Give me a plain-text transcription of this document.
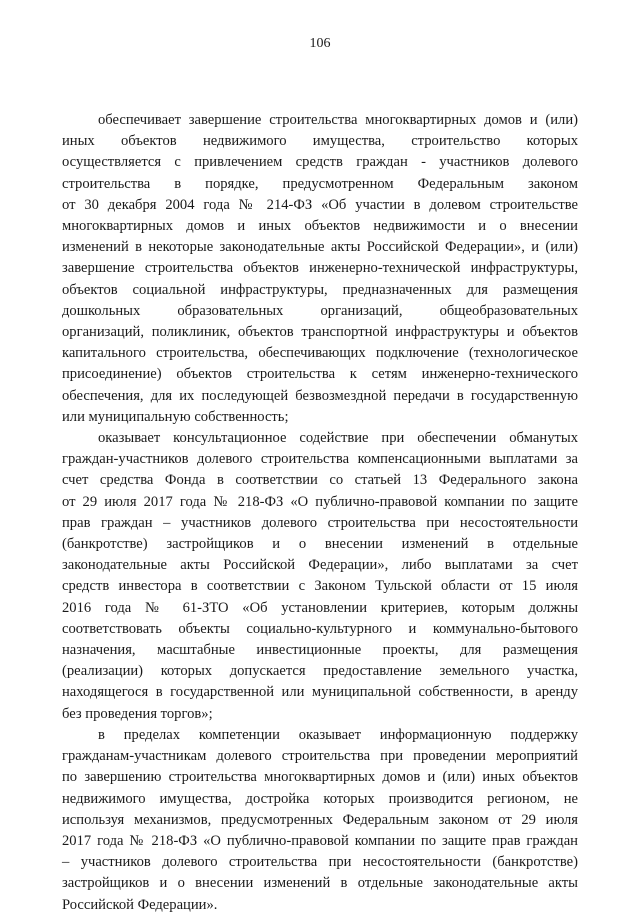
106
обеспечивает завершение строительства многоквартирных домов и (или)
иных объектов недвижимого имущества, строительство которых
осуществляется с привлечением средств граждан - участников долевого
строительства в порядке, предусмотренном Федеральным законом
от 30 декабря 2004 года № 214-ФЗ «Об участии в долевом строительстве
многоквартирных домов и иных объектов недвижимости и о внесении
изменений в некоторые законодательные акты Российской Федерации», и (или)
завершение строительства объектов инженерно-технической инфраструктуры,
объектов социальной инфраструктуры, предназначенных для размещения
дошкольных образовательных организаций, общеобразовательных
организаций, поликлиник, объектов транспортной инфраструктуры и объектов
капитального строительства, обеспечивающих подключение (технологическое
присоединение) объектов строительства к сетям инженерно-технического
обеспечения, для их последующей безвозмездной передачи в государственную
или муниципальную собственность;
оказывает консультационное содействие при обеспечении обманутых
граждан-участников долевого строительства компенсационными выплатами за
счет средства Фонда в соответствии со статьей 13 Федерального закона
от 29 июля 2017 года № 218-ФЗ «О публично-правовой компании по защите
прав граждан – участников долевого строительства при несостоятельности
(банкротстве) застройщиков и о внесении изменений в отдельные
законодательные акты Российской Федерации», либо выплатами за счет
средств инвестора в соответствии с Законом Тульской области от 15 июля
2016 года № 61-ЗТО «Об установлении критериев, которым должны
соответствовать объекты социально-культурного и коммунально-бытового
назначения, масштабные инвестиционные проекты, для размещения
(реализации) которых допускается предоставление земельного участка,
находящегося в государственной или муниципальной собственности, в аренду
без проведения торгов»;
в пределах компетенции оказывает информационную поддержку
гражданам-участникам долевого строительства при проведении мероприятий
по завершению строительства многоквартирных домов и (или) иных объектов
недвижимого имущества, достройка которых производится регионом, не
используя механизмов, предусмотренных Федеральным законом от 29 июля
2017 года № 218-ФЗ «О публично-правовой компании по защите прав граждан
– участников долевого строительства при несостоятельности (банкротстве)
застройщиков и о внесении изменений в отдельные законодательные акты
Российской Федерации».
